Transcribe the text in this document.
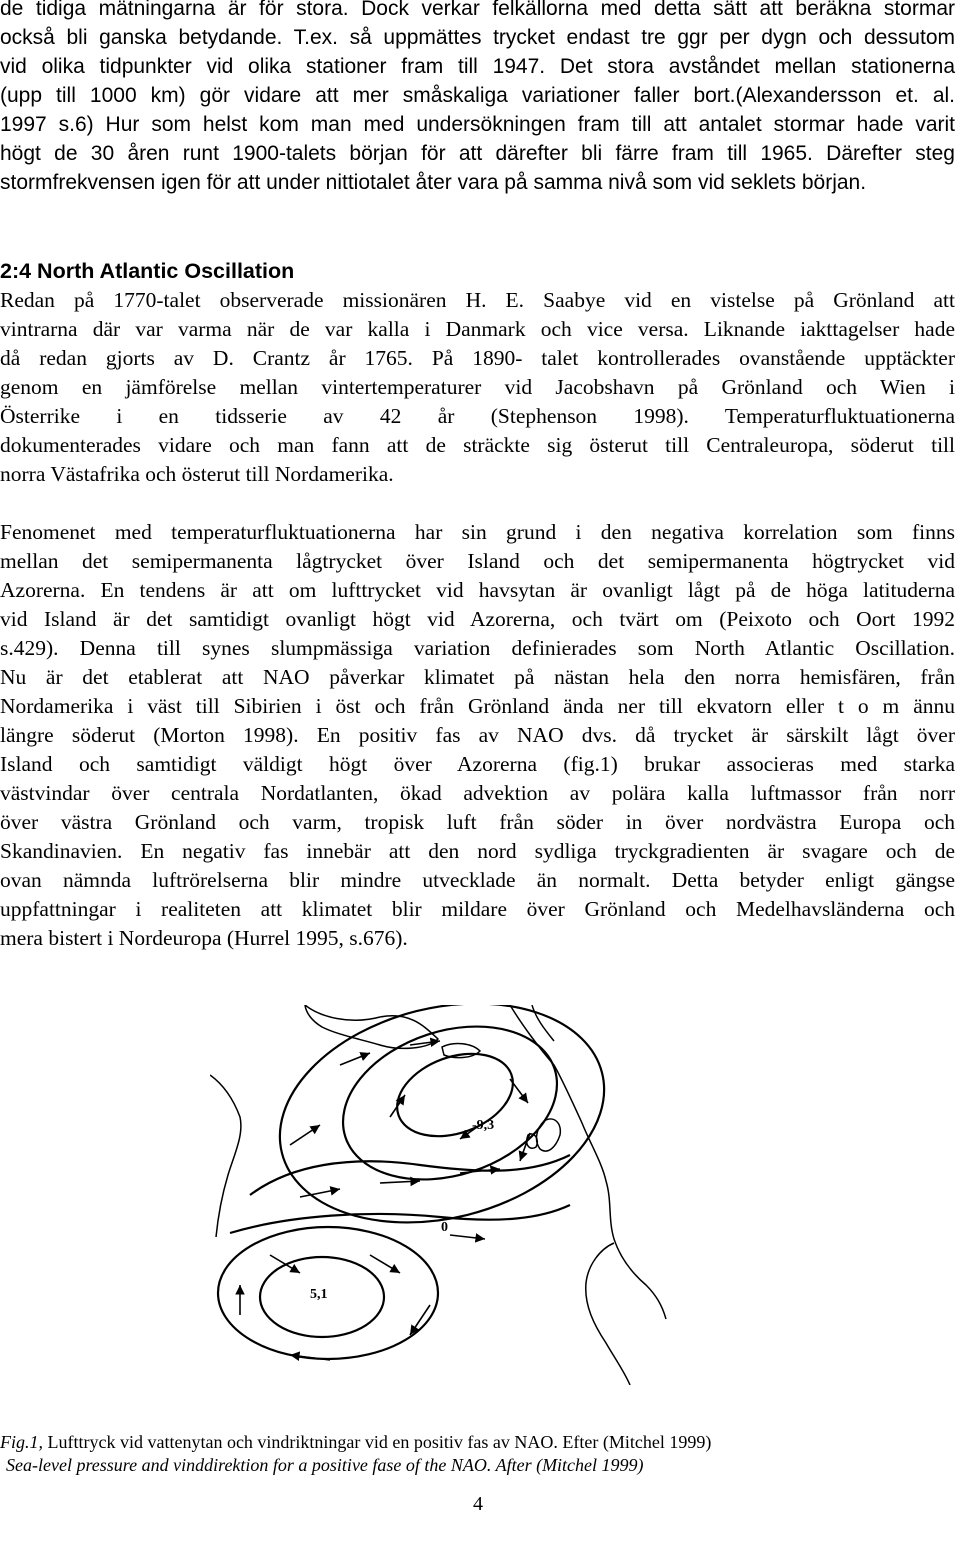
de tidiga mätningarna är för stora. Dock verkar felkällorna med detta sätt att beräkna stormar
också bli ganska betydande. T.ex. så uppmättes trycket endast tre ggr per dygn och dessutom
vid olika tidpunkter vid olika stationer fram till 1947. Det stora avståndet mellan stationerna
(upp till 1000 km) gör vidare att mer småskaliga variationer faller bort.(Alexandersson et. al.
1997 s.6) Hur som helst kom man med undersökningen fram till att antalet stormar hade varit
högt de 30 åren runt 1900-talets början för att därefter bli färre fram till 1965. Därefter steg
stormfrekvensen igen för att under nittiotalet åter vara på samma nivå som vid seklets början.
2:4 North Atlantic Oscillation
Redan på 1770-talet observerade missionären H. E. Saabye vid en vistelse på Grönland att
vintrarna där var varma när de var kalla i Danmark och vice versa. Liknande iakttagelser hade
då redan gjorts av D. Crantz år 1765. På 1890- talet kontrollerades ovanstående upptäckter
genom en jämförelse mellan vintertemperaturer vid Jacobshavn på Grönland och Wien i
Österrike i en tidsserie av 42 år (Stephenson 1998). Temperaturfluktuationerna
dokumenterades vidare och man fann att de sträckte sig österut till Centraleuropa, söderut till
norra Västafrika och österut till Nordamerika.
Fenomenet med temperaturfluktuationerna har sin grund i den negativa korrelation som finns
mellan det semipermanenta lågtrycket över Island och det semipermanenta högtrycket vid
Azorerna. En tendens är att om lufttrycket vid havsytan är ovanligt lågt på de höga latituderna
vid Island är det samtidigt ovanligt högt vid Azorerna, och tvärt om (Peixoto och Oort 1992
s.429). Denna till synes slumpmässiga variation definierades som North Atlantic Oscillation.
Nu är det etablerat att NAO påverkar klimatet på nästan hela den norra hemisfären, från
Nordamerika i väst till Sibirien i öst och från Grönland ända ner till ekvatorn eller t o m ännu
längre söderut (Morton 1998). En positiv fas av NAO dvs. då trycket är särskilt lågt över
Island och samtidigt väldigt högt över Azorerna (fig.1) brukar associeras med starka
västvindar över centrala Nordatlanten, ökad advektion av polära kalla luftmassor från norr
över västra Grönland och varm, tropisk luft från söder in över nordvästra Europa och
Skandinavien. En negativ fas innebär att den nord sydliga tryckgradienten är svagare och de
ovan nämnda luftrörelserna blir mindre utvecklade än normalt. Detta betyder enligt gängse
uppfattningar i realiteten att klimatet blir mildare över Grönland och Medelhavsländerna och
mera bistert i Nordeuropa (Hurrel 1995, s.676).
-9,3
0
5,1
Fig.1, Lufttryck vid vattenytan och vindriktningar vid en positiv fas av NAO. Efter (Mitchel 1999)
Sea-level pressure and vinddirektion for a positive fase of the NAO. After (Mitchel 1999)
4
